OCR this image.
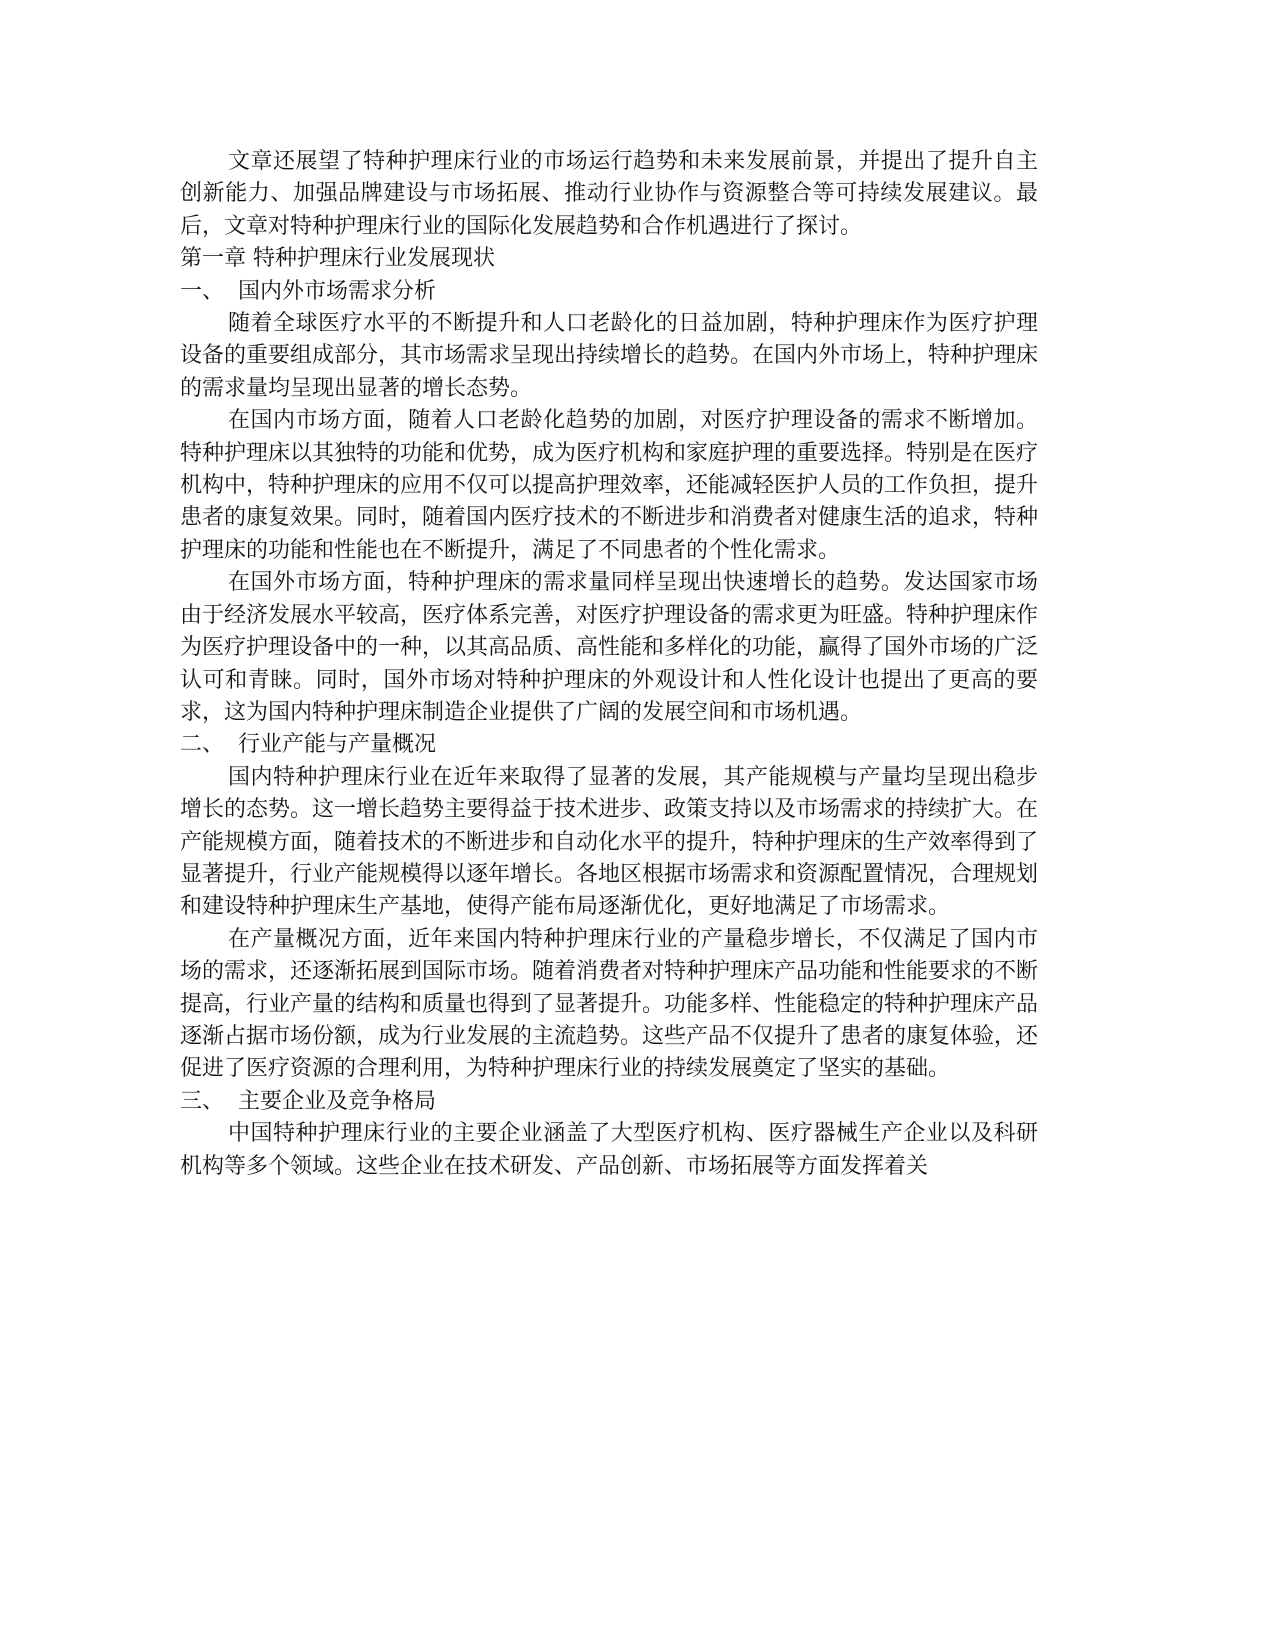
文章还展望了特种护理床行业的市场运行趋势和未来发展前景，并提出了提升自主创新能力、加强品牌建设与市场拓展、推动行业协作与资源整合等可持续发展建议。最后，文章对特种护理床行业的国际化发展趋势和合作机遇进行了探讨。

第一章 特种护理床行业发展现状

一、  国内外市场需求分析

随着全球医疗水平的不断提升和人口老龄化的日益加剧，特种护理床作为医疗护理设备的重要组成部分，其市场需求呈现出持续增长的趋势。在国内外市场上，特种护理床的需求量均呈现出显著的增长态势。

在国内市场方面，随着人口老龄化趋势的加剧，对医疗护理设备的需求不断增加。特种护理床以其独特的功能和优势，成为医疗机构和家庭护理的重要选择。特别是在医疗机构中，特种护理床的应用不仅可以提高护理效率，还能减轻医护人员的工作负担，提升患者的康复效果。同时，随着国内医疗技术的不断进步和消费者对健康生活的追求，特种护理床的功能和性能也在不断提升，满足了不同患者的个性化需求。

在国外市场方面，特种护理床的需求量同样呈现出快速增长的趋势。发达国家市场由于经济发展水平较高，医疗体系完善，对医疗护理设备的需求更为旺盛。特种护理床作为医疗护理设备中的一种，以其高品质、高性能和多样化的功能，赢得了国外市场的广泛认可和青睐。同时，国外市场对特种护理床的外观设计和人性化设计也提出了更高的要求，这为国内特种护理床制造企业提供了广阔的发展空间和市场机遇。

二、  行业产能与产量概况

国内特种护理床行业在近年来取得了显著的发展，其产能规模与产量均呈现出稳步增长的态势。这一增长趋势主要得益于技术进步、政策支持以及市场需求的持续扩大。在产能规模方面，随着技术的不断进步和自动化水平的提升，特种护理床的生产效率得到了显著提升，行业产能规模得以逐年增长。各地区根据市场需求和资源配置情况，合理规划和建设特种护理床生产基地，使得产能布局逐渐优化，更好地满足了市场需求。

在产量概况方面，近年来国内特种护理床行业的产量稳步增长，不仅满足了国内市场的需求，还逐渐拓展到国际市场。随着消费者对特种护理床产品功能和性能要求的不断提高，行业产量的结构和质量也得到了显著提升。功能多样、性能稳定的特种护理床产品逐渐占据市场份额，成为行业发展的主流趋势。这些产品不仅提升了患者的康复体验，还促进了医疗资源的合理利用，为特种护理床行业的持续发展奠定了坚实的基础。

三、  主要企业及竞争格局

中国特种护理床行业的主要企业涵盖了大型医疗机构、医疗器械生产企业以及科研机构等多个领域。这些企业在技术研发、产品创新、市场拓展等方面发挥着关
